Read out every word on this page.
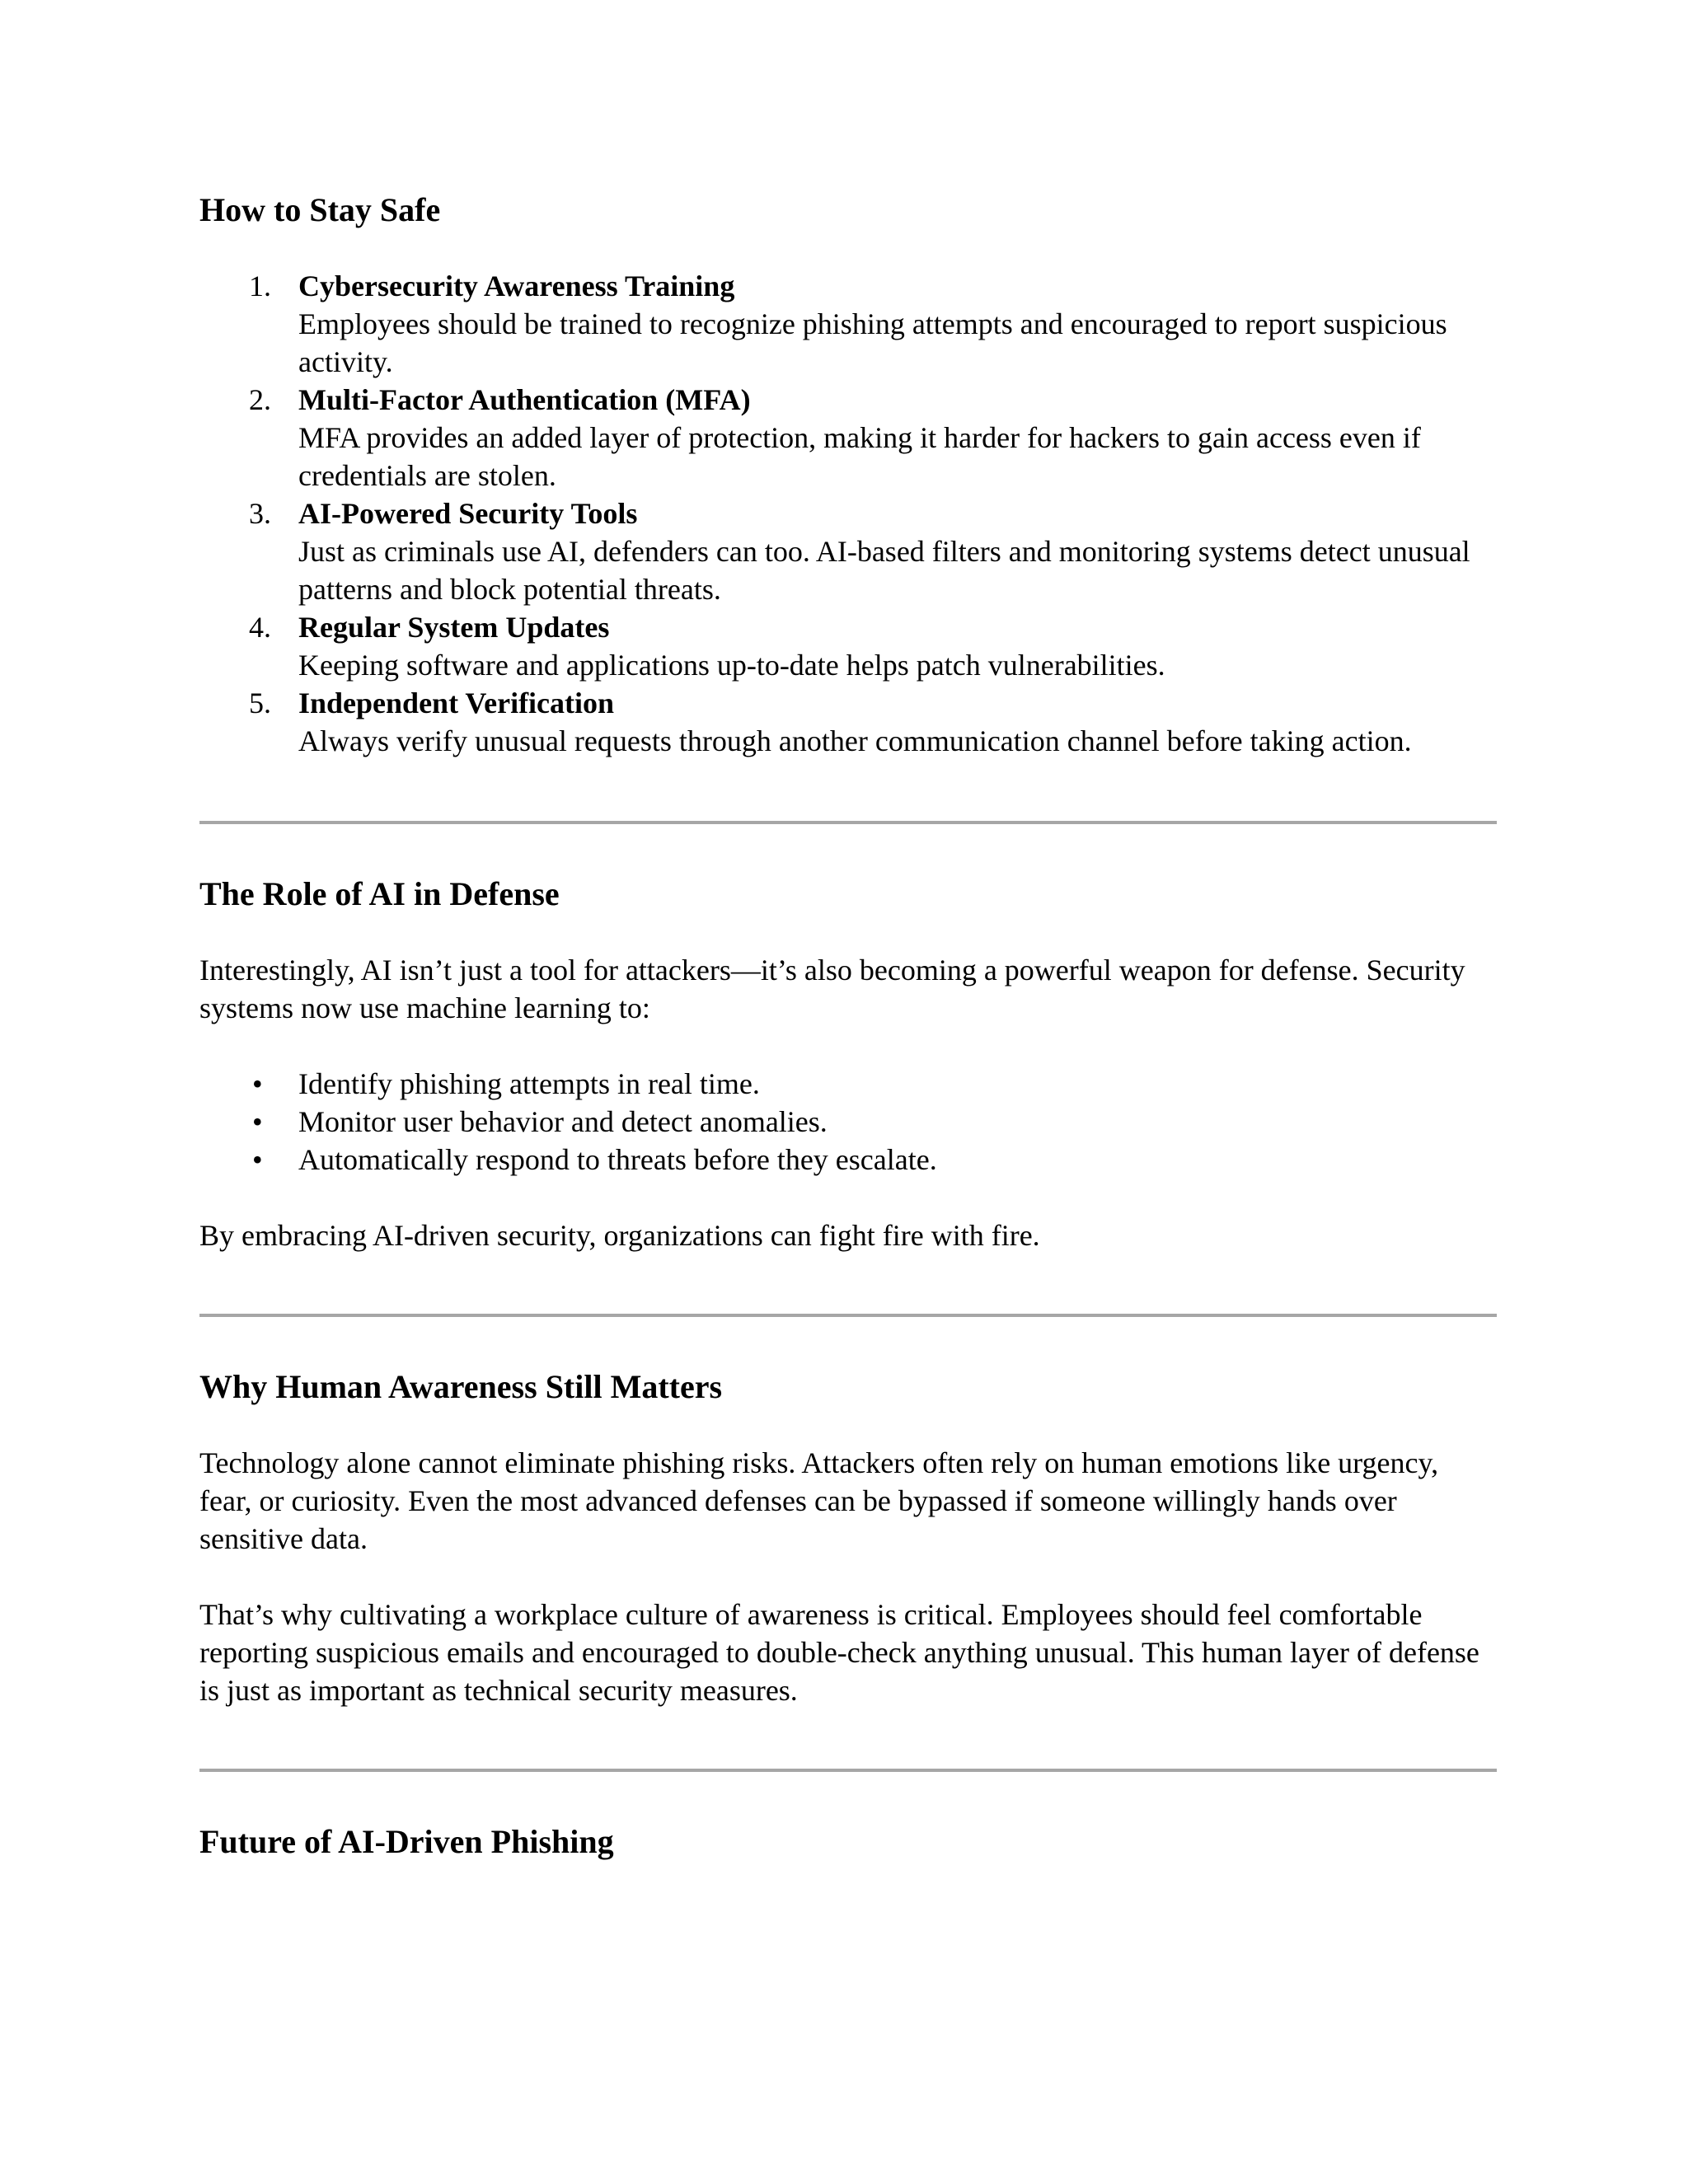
How to Stay Safe
1. Cybersecurity Awareness Training
Employees should be trained to recognize phishing attempts and encouraged to report suspicious activity.
2. Multi-Factor Authentication (MFA)
MFA provides an added layer of protection, making it harder for hackers to gain access even if credentials are stolen.
3. AI-Powered Security Tools
Just as criminals use AI, defenders can too. AI-based filters and monitoring systems detect unusual patterns and block potential threats.
4. Regular System Updates
Keeping software and applications up-to-date helps patch vulnerabilities.
5. Independent Verification
Always verify unusual requests through another communication channel before taking action.
The Role of AI in Defense

Interestingly, AI isn’t just a tool for attackers—it’s also becoming a powerful weapon for defense. Security systems now use machine learning to:

• Identify phishing attempts in real time.
• Monitor user behavior and detect anomalies.
• Automatically respond to threats before they escalate.

By embracing AI-driven security, organizations can fight fire with fire.

Why Human Awareness Still Matters

Technology alone cannot eliminate phishing risks. Attackers often rely on human emotions like urgency, fear, or curiosity. Even the most advanced defenses can be bypassed if someone willingly hands over sensitive data.

That’s why cultivating a workplace culture of awareness is critical. Employees should feel comfortable reporting suspicious emails and encouraged to double-check anything unusual. This human layer of defense is just as important as technical security measures.

Future of AI-Driven Phishing
